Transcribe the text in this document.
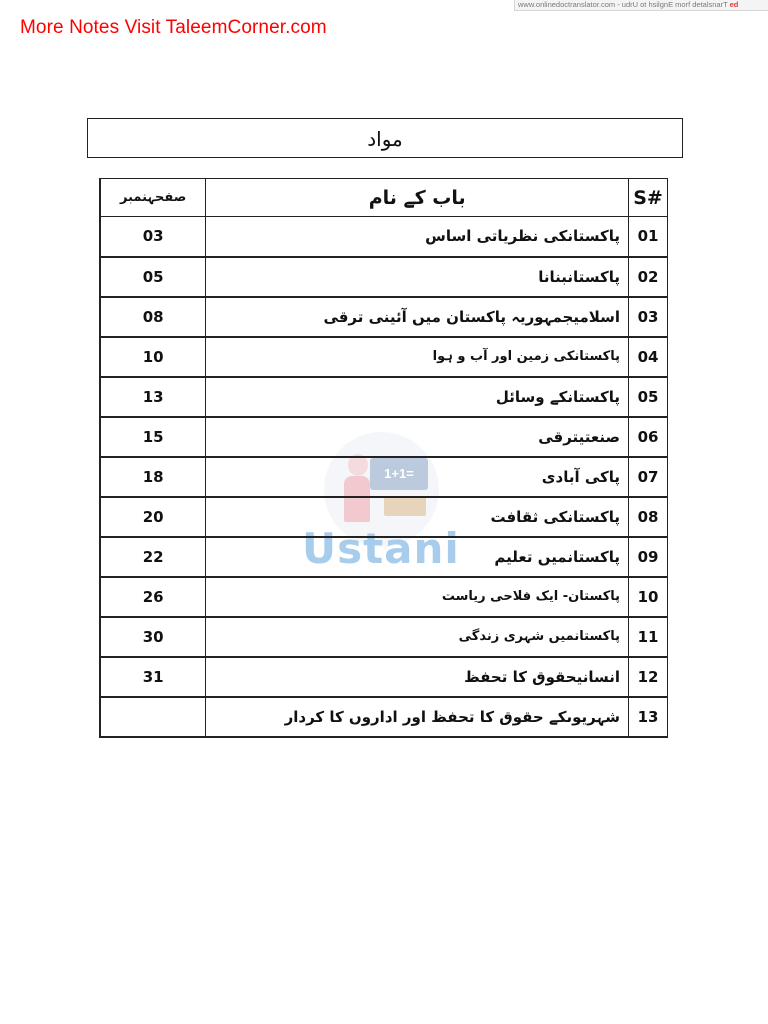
More Notes Visit TaleemCorner.com
www.onlinedoctranslator.com - udrU ot hsilgnE morf detalsnarT ed
مواد
1+1=
Ustani
صفحہنمبر	باب کے نام	S#
03	پاکستانکی نظریاتی اساس	01
05	پاکستانبنانا	02
08	اسلامیجمہوریہ پاکستان میں آئینی ترقی	03
10	پاکستانکی زمین اور آب و ہوا	04
13	پاکستانکے وسائل	05
15	صنعتیترقی	06
18	پاکی آبادی	07
20	پاکستانکی ثقافت	08
22	پاکستانمیں تعلیم	09
26	پاکستان- ایک فلاحی ریاست	10
30	پاکستانمیں شہری زندگی	11
31	انسانیحقوق کا تحفظ	12
	شہریوںکے حقوق کا تحفظ اور اداروں کا کردار	13
